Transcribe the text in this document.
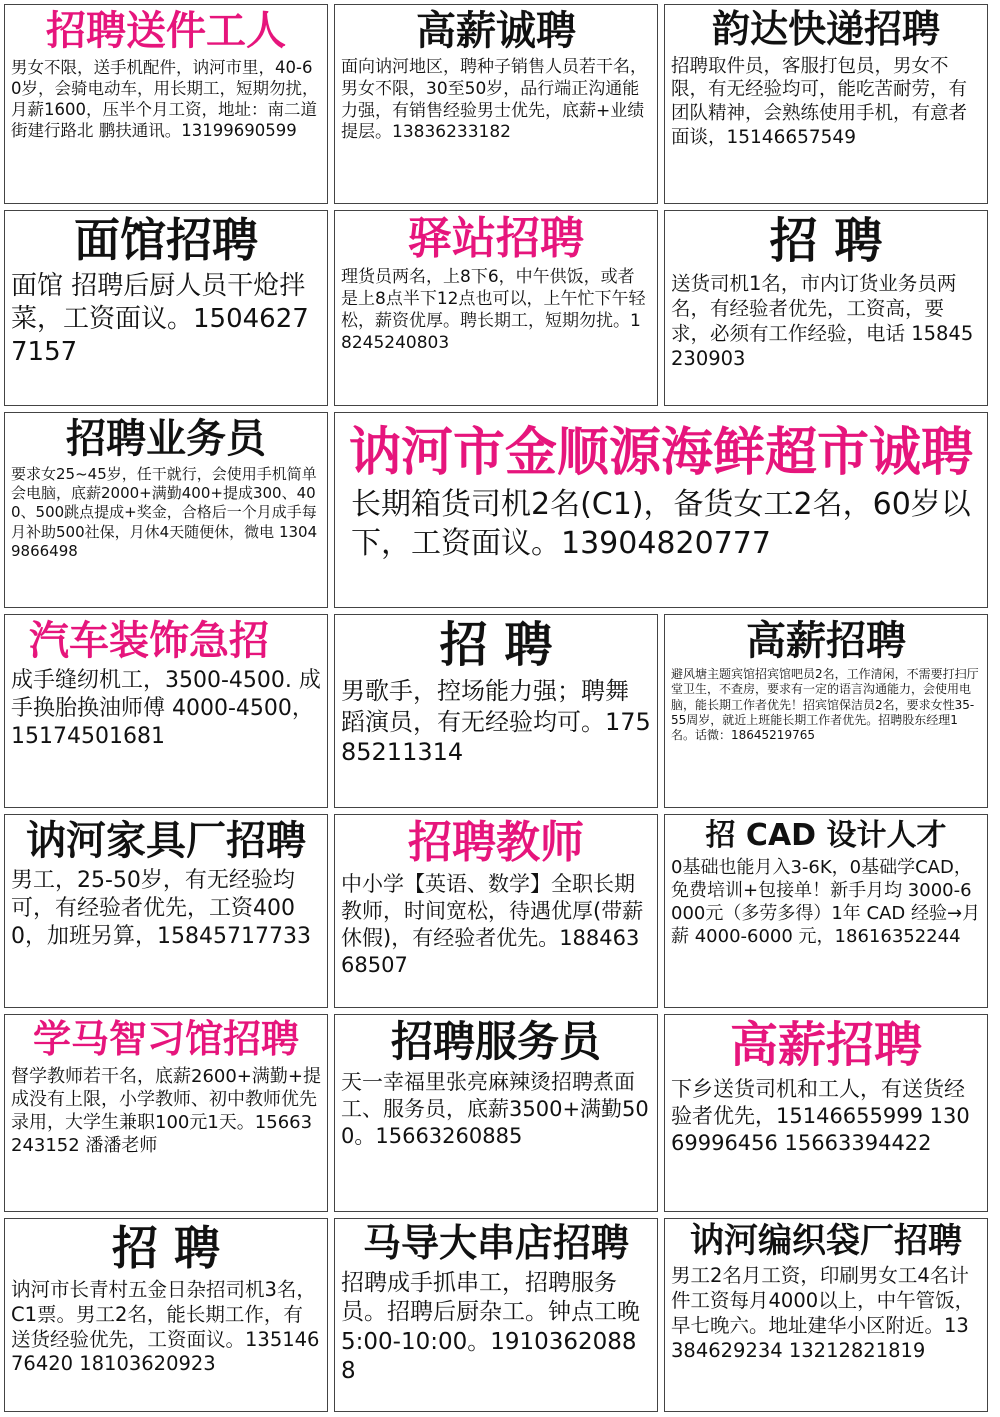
招聘送件工人
男女不限，送手机配件，讷河市里，40-60岁，会骑电动车，用长期工，短期勿扰，月薪1600，压半个月工资，地址：南二道街建行路北 鹏扶通讯。13199690599
高薪诚聘
面向讷河地区，聘种子销售人员若干名，男女不限，30至50岁，品行端正沟通能力强，有销售经验男士优先，底薪+业绩提层。13836233182
韵达快递招聘
招聘取件员，客服打包员，男女不限，有无经验均可，能吃苦耐劳，有团队精神，会熟练使用手机，有意者面谈，15146657549
面馆招聘
面馆 招聘后厨人员干炝拌菜，工资面议。15046277157
驿站招聘
理货员两名，上8下6，中午供饭，或者是上8点半下12点也可以，上午忙下午轻松，薪资优厚。聘长期工，短期勿扰。18245240803
招 聘
送货司机1名，市内订货业务员两名，有经验者优先，工资高，要求，必须有工作经验，电话 15845230903
招聘业务员
要求女25~45岁，任干就行，会使用手机简单会电脑，底薪2000+满勤400+提成300、400、500跳点提成+奖金，合格后一个月成手每月补助500社保，月休4天随便休，微电 13049866498
讷河市金顺源海鲜超市诚聘
长期箱货司机2名(C1)，备货女工2名，60岁以下，工资面议。13904820777
汽车装饰急招
成手缝纫机工，3500-4500. 成手换胎换油师傅 4000-4500，15174501681
招 聘
男歌手，控场能力强；聘舞蹈演员，有无经验均可。17585211314
高薪招聘
避风塘主题宾馆招宾馆吧员2名，工作清闲，不需要打扫厅堂卫生，不查房，要求有一定的语言沟通能力，会使用电脑，能长期工作者优先！招宾馆保洁员2名，要求女性35-55周岁，就近上班能长期工作者优先。招聘股东经理1名。话微：18645219765
讷河家具厂招聘
男工，25-50岁，有无经验均可，有经验者优先，工资4000，加班另算，15845717733
招聘教师
中小学【英语、数学】全职长期教师，时间宽松，待遇优厚(带薪休假)，有经验者优先。18846368507
招 CAD 设计人才
0基础也能月入3-6K，0基础学CAD，免费培训+包接单！新手月均 3000-6000元（多劳多得）1年 CAD 经验→月薪 4000-6000 元，18616352244
学马智习馆招聘
督学教师若干名，底薪2600+满勤+提成没有上限，小学教师、初中教师优先录用，大学生兼职100元1天。15663243152 潘潘老师
招聘服务员
天一幸福里张亮麻辣烫招聘煮面工、服务员，底薪3500+满勤500。15663260885
高薪招聘
下乡送货司机和工人，有送货经验者优先，15146655999 13069996456 15663394422
招 聘
讷河市长青村五金日杂招司机3名，C1票。男工2名，能长期工作，有送货经验优先，工资面议。13514676420 18103620923
马导大串店招聘
招聘成手抓串工，招聘服务员。招聘后厨杂工。钟点工晚5:00-10:00。19103620888
讷河编织袋厂招聘
男工2名月工资，印刷男女工4名计件工资每月4000以上，中午管饭，早七晚六。地址建华小区附近。13384629234 13212821819
